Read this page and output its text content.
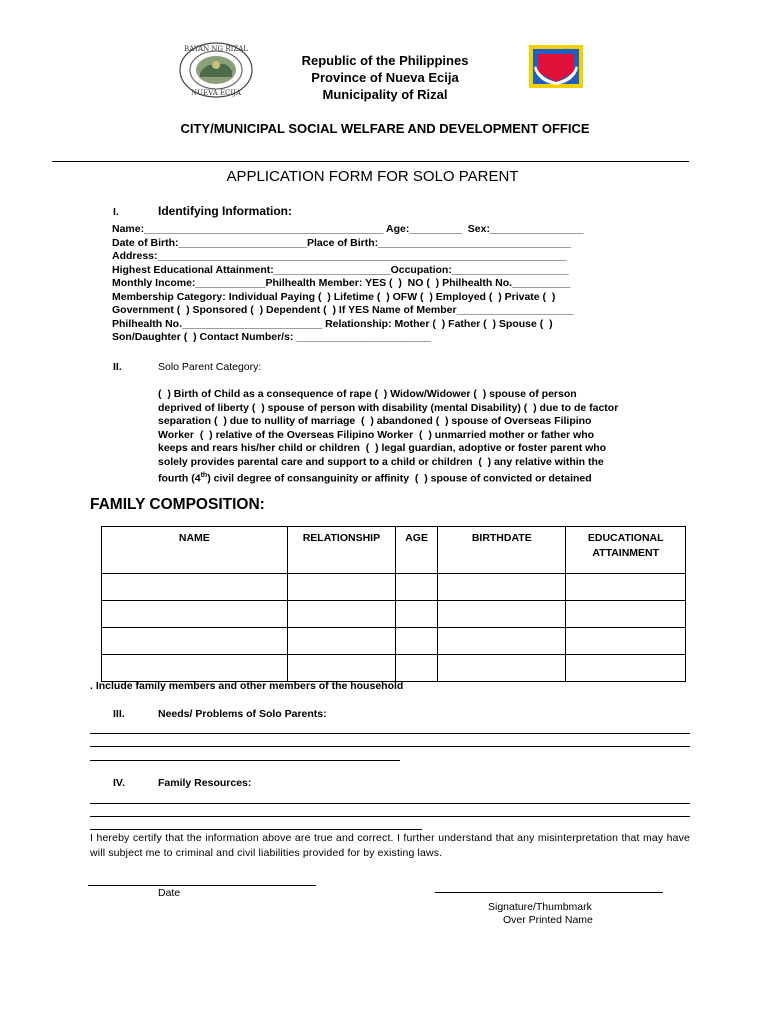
BAYAN NG RIZAL
NUEVA ECIJA
Republic of the Philippines
Province of Nueva Ecija
Municipality of Rizal
CITY/MUNICIPAL SOCIAL WELFARE AND DEVELOPMENT OFFICE
APPLICATION FORM FOR SOLO PARENT
I.	Identifying Information:
Name:_________________________________________ Age:_________  Sex:________________
Date of Birth:______________________Place of Birth:_________________________________
Address:______________________________________________________________________
Highest Educational Attainment:____________________Occupation:____________________
Monthly Income:____________Philhealth Member: YES (  )  NO (  ) Philhealth No.__________
Membership Category: Individual Paying (  ) Lifetime (  ) OFW (  ) Employed (  ) Private (  )
Government (  ) Sponsored (  ) Dependent (  ) If YES Name of Member____________________
Philhealth No.________________________ Relationship: Mother (  ) Father (  ) Spouse (  )
Son/Daughter (  ) Contact Number/s: _______________________
II.	Solo Parent Category:
(  ) Birth of Child as a consequence of rape (  ) Widow/Widower (  ) spouse of person
deprived of liberty (  ) spouse of person with disability (mental Disability) (  ) due to de factor
separation (  ) due to nullity of marriage  (  ) abandoned (  ) spouse of Overseas Filipino
Worker  (  ) relative of the Overseas Filipino Worker  (  ) unmarried mother or father who
keeps and rears his/her child or children  (  ) legal guardian, adoptive or foster parent who
solely provides parental care and support to a child or children  (  ) any relative within the
fourth (4th) civil degree of consanguinity or affinity  (  ) spouse of convicted or detained
FAMILY COMPOSITION:
NAME	RELATIONSHIP	AGE	BIRTHDATE	EDUCATIONAL ATTAINMENT

. Include family members and other members of the household
III.	Needs/ Problems of Solo Parents:
IV.	Family Resources:
I hereby certify that the information above are true and correct. I further understand that any misinterpretation that may have will subject me to criminal and civil liabilities provided for by existing laws.
Date
Signature/Thumbmark
Over Printed Name
